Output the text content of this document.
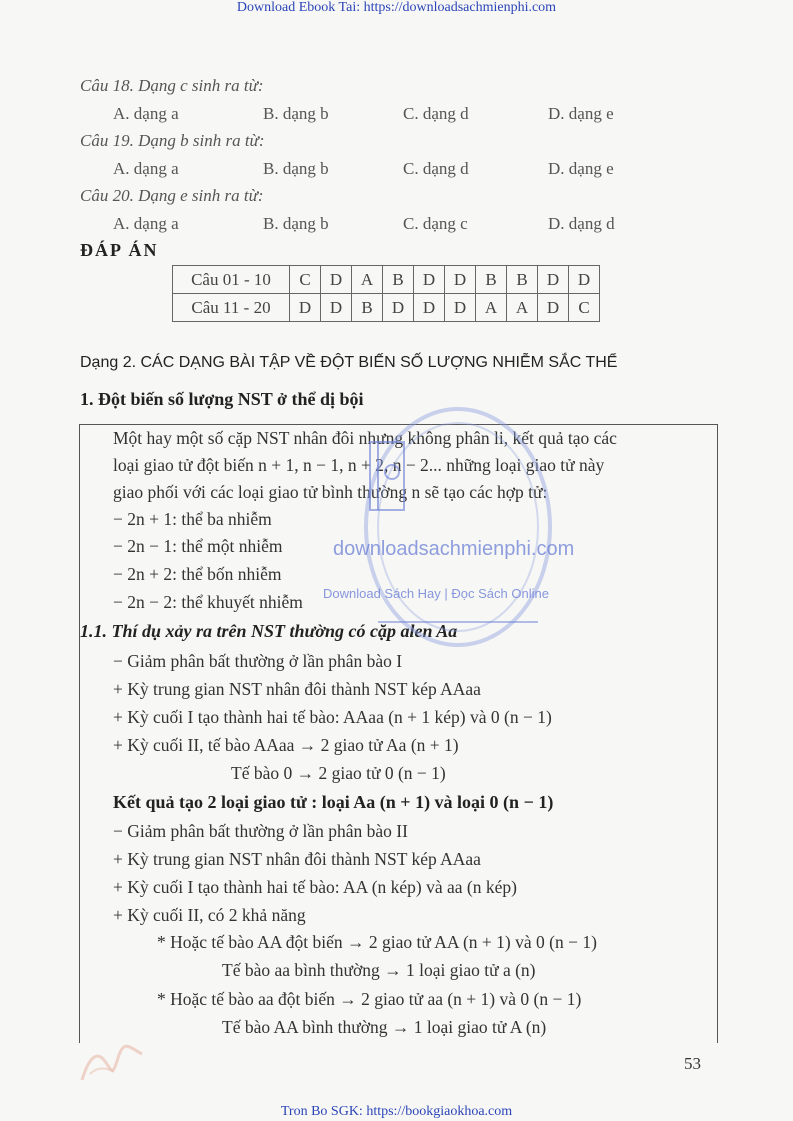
Download Ebook Tai: https://downloadsachmienphi.com
Câu 18. Dạng c sinh ra từ:
A. dạng a	B. dạng b	C. dạng d	D. dạng e
Câu 19. Dạng b sinh ra từ:
A. dạng a	B. dạng b	C. dạng d	D. dạng e
Câu 20. Dạng e sinh ra từ:
A. dạng a	B. dạng b	C. dạng c	D. dạng d
ĐÁP ÁN
Câu 01 - 10	C	D	A	B	D	D	B	B	D	D
Câu 11 - 20	D	D	B	D	D	D	A	A	D	C
Dạng 2. CÁC DẠNG BÀI TẬP VỀ ĐỘT BIẾN SỐ LƯỢNG NHIỄM SẮC THỂ
1. Đột biến số lượng NST ở thể dị bội
Một hay một số cặp NST nhân đôi nhưng không phân li, kết quả tạo các
loại giao tử đột biến n + 1, n − 1, n + 2, n − 2... những loại giao tử này
giao phối với các loại giao tử bình thường n sẽ tạo các hợp tử:
− 2n + 1: thể ba nhiễm
− 2n − 1: thể một nhiễm
− 2n + 2: thể bốn nhiễm
− 2n − 2: thể khuyết nhiễm
1.1. Thí dụ xảy ra trên NST thường có cặp alen Aa
− Giảm phân bất thường ở lần phân bào I
+ Kỳ trung gian NST nhân đôi thành NST kép AAaa
+ Kỳ cuối I tạo thành hai tế bào: AAaa (n + 1 kép) và 0 (n − 1)
+ Kỳ cuối II, tế bào AAaa → 2 giao tử Aa (n + 1)
Tế bào 0 → 2 giao tử 0 (n − 1)
Kết quả tạo 2 loại giao tử : loại Aa (n + 1) và loại 0 (n − 1)
− Giảm phân bất thường ở lần phân bào II
+ Kỳ trung gian NST nhân đôi thành NST kép AAaa
+ Kỳ cuối I tạo thành hai tế bào: AA (n kép) và aa (n kép)
+ Kỳ cuối II, có 2 khả năng
* Hoặc tế bào AA đột biến → 2 giao tử AA (n + 1) và 0 (n − 1)
Tế bào aa bình thường → 1 loại giao tử a (n)
* Hoặc tế bào aa đột biến → 2 giao tử aa (n + 1) và 0 (n − 1)
Tế bào AA bình thường → 1 loại giao tử A (n)
downloadsachmienphi.com
Download Sách Hay | Đọc Sách Online
53
Tron Bo SGK: https://bookgiaokhoa.com
